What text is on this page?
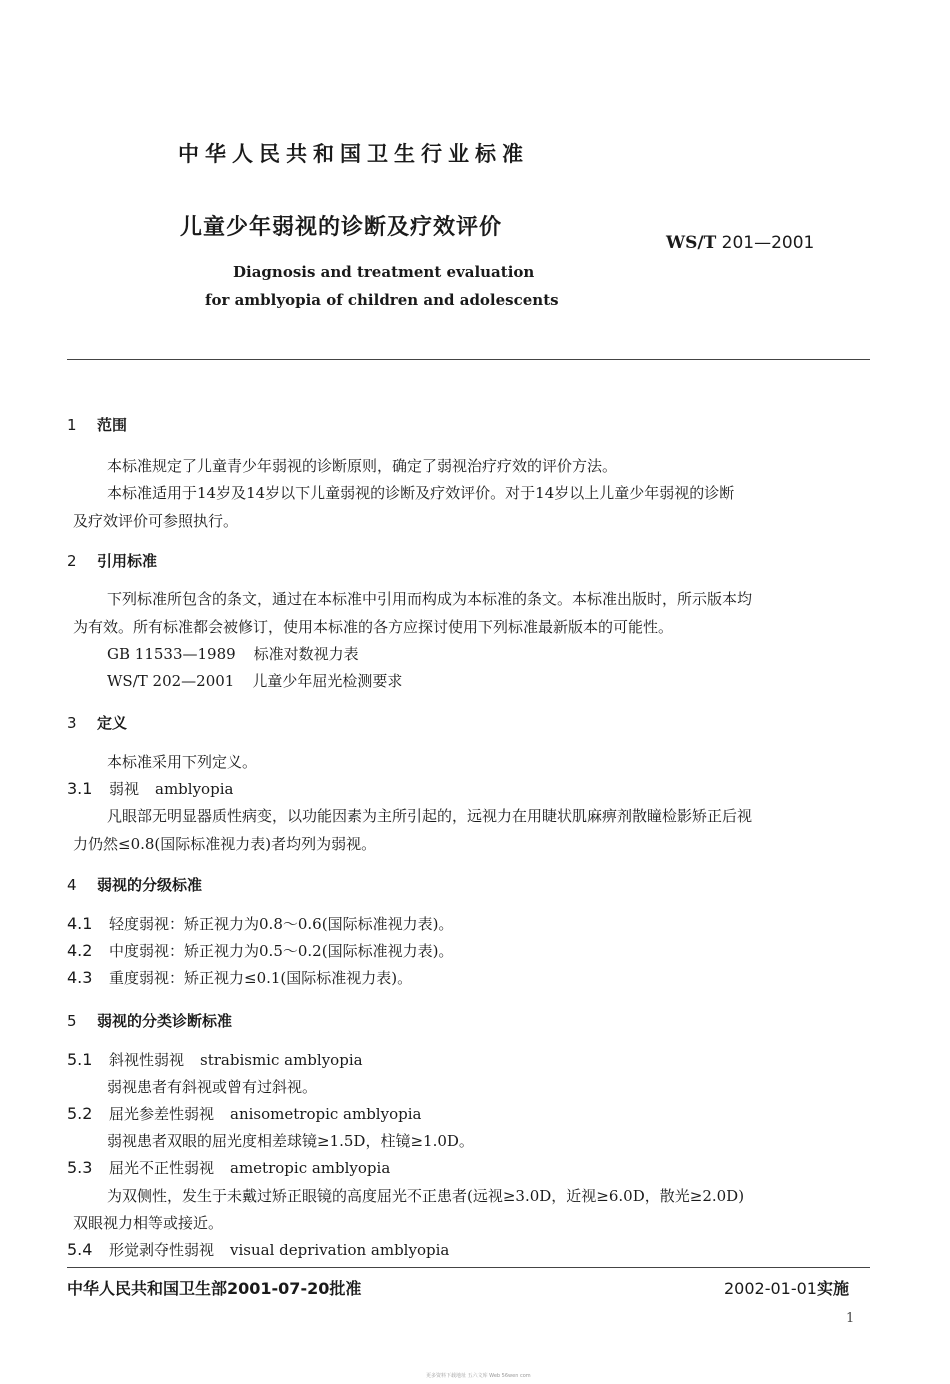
中华人民共和国卫生行业标准
儿童少年弱视的诊断及疗效评价
WS/T 201—2001
Diagnosis and treatment evaluation
for amblyopia of children and adolescents
1 范围
本标准规定了儿童青少年弱视的诊断原则，确定了弱视治疗疗效的评价方法。
本标准适用于14岁及14岁以下儿童弱视的诊断及疗效评价。对于14岁以上儿童少年弱视的诊断
及疗效评价可参照执行。
2 引用标准
下列标准所包含的条文，通过在本标准中引用而构成为本标准的条文。本标准出版时，所示版本均
为有效。所有标准都会被修订，使用本标准的各方应探讨使用下列标准最新版本的可能性。
GB 11533—1989 标准对数视力表
WS/T 202—2001 儿童少年屈光检测要求
3 定义
本标准采用下列定义。
3.1 弱视 amblyopia
凡眼部无明显器质性病变，以功能因素为主所引起的，远视力在用睫状肌麻痹剂散瞳检影矫正后视
力仍然≤0.8(国际标准视力表)者均列为弱视。
4 弱视的分级标准
4.1 轻度弱视：矫正视力为0.8～0.6(国际标准视力表)。
4.2 中度弱视：矫正视力为0.5～0.2(国际标准视力表)。
4.3 重度弱视：矫正视力≤0.1(国际标准视力表)。
5 弱视的分类诊断标准
5.1 斜视性弱视 strabismic amblyopia
弱视患者有斜视或曾有过斜视。
5.2 屈光参差性弱视 anisometropic amblyopia
弱视患者双眼的屈光度相差球镜≥1.5D，柱镜≥1.0D。
5.3 屈光不正性弱视 ametropic amblyopia
为双侧性，发生于未戴过矫正眼镜的高度屈光不正患者(远视≥3.0D，近视≥6.0D，散光≥2.0D)
双眼视力相等或接近。
5.4 形觉剥夺性弱视 visual deprivation amblyopia
中华人民共和国卫生部2001-07-20批准	2002-01-01实施
1
更多资料下载地址 五六文库 Web 56wen com
